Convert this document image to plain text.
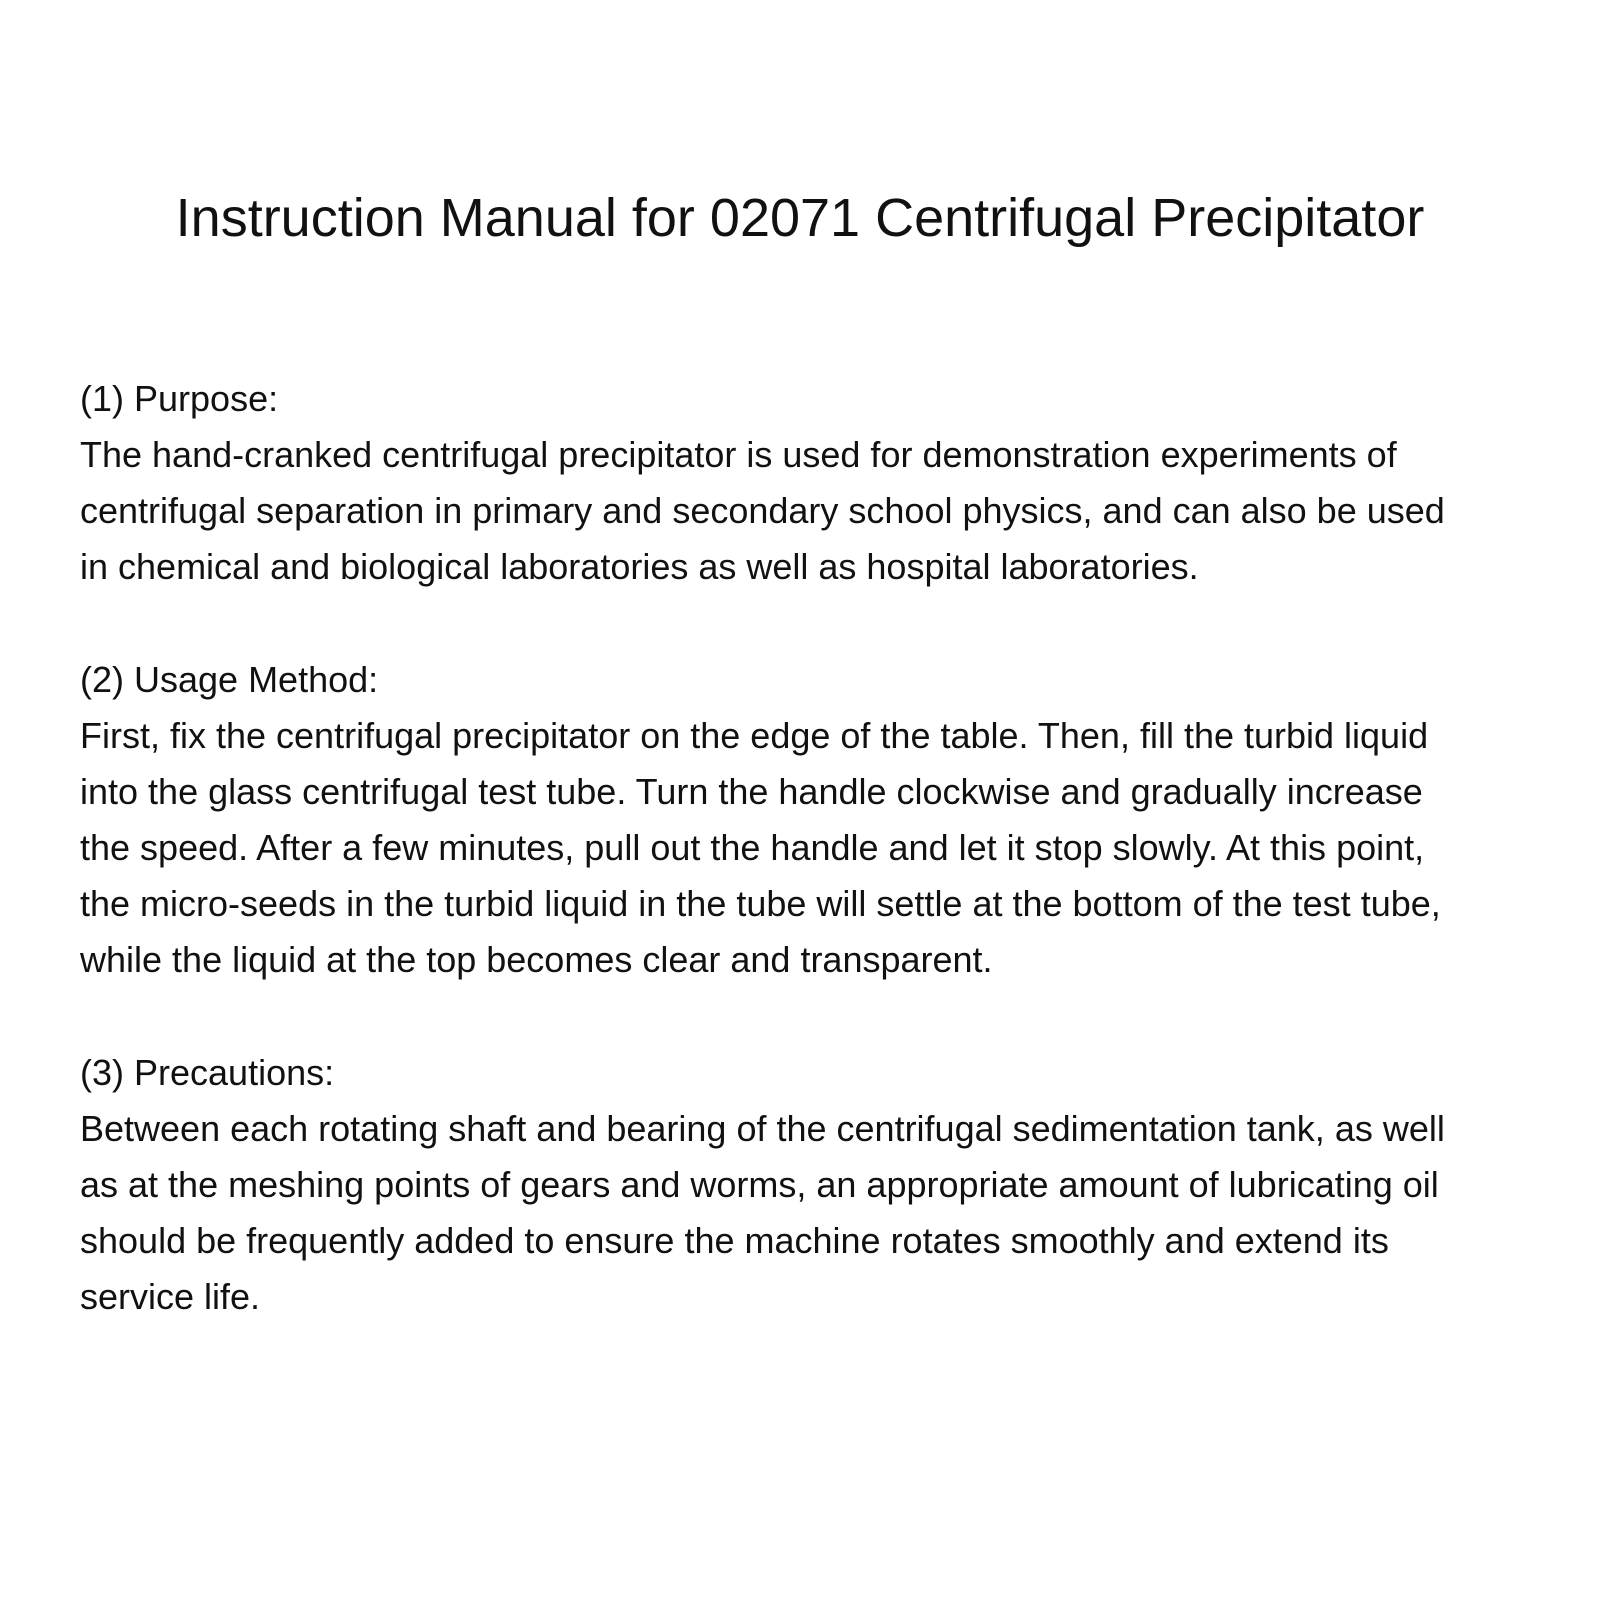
Instruction Manual for 02071 Centrifugal Precipitator
(1) Purpose:

The hand-cranked centrifugal precipitator is used for demonstration experiments of

centrifugal separation in primary and secondary school physics, and can also be used

in chemical and biological laboratories as well as hospital laboratories.

(2) Usage Method:

First, fix the centrifugal precipitator on the edge of the table. Then, fill the turbid liquid

into the glass centrifugal test tube. Turn the handle clockwise and gradually increase

the speed. After a few minutes, pull out the handle and let it stop slowly. At this point,

the micro-seeds in the turbid liquid in the tube will settle at the bottom of the test tube,

while the liquid at the top becomes clear and transparent.

(3) Precautions:

Between each rotating shaft and bearing of the centrifugal sedimentation tank, as well

as at the meshing points of gears and worms, an appropriate amount of lubricating oil

should be frequently added to ensure the machine rotates smoothly and extend its

service life.
